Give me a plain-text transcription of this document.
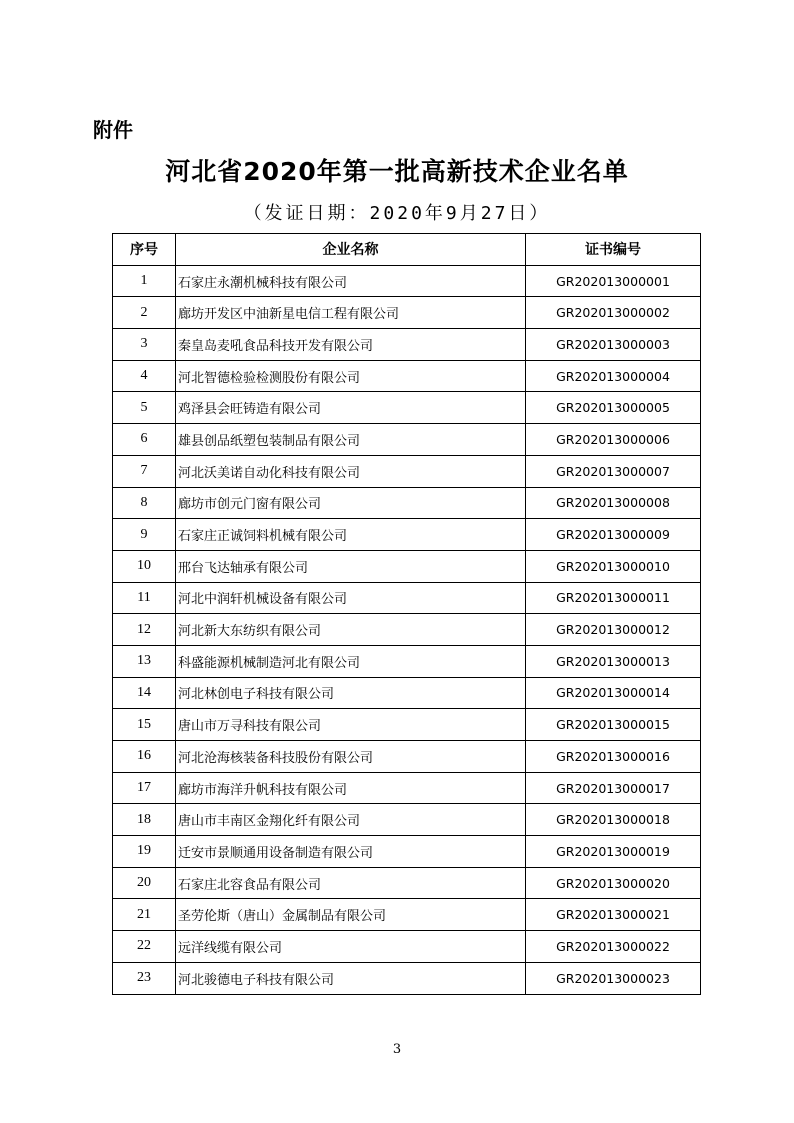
附件
河北省2020年第一批高新技术企业名单
（发证日期：2020年9月27日）
序号	企业名称	证书编号
1	石家庄永潮机械科技有限公司	GR202013000001
2	廊坊开发区中油新星电信工程有限公司	GR202013000002
3	秦皇岛麦吼食品科技开发有限公司	GR202013000003
4	河北智德检验检测股份有限公司	GR202013000004
5	鸡泽县会旺铸造有限公司	GR202013000005
6	雄县创品纸塑包装制品有限公司	GR202013000006
7	河北沃美诺自动化科技有限公司	GR202013000007
8	廊坊市创元门窗有限公司	GR202013000008
9	石家庄正诚饲料机械有限公司	GR202013000009
10	邢台飞达轴承有限公司	GR202013000010
11	河北中润轩机械设备有限公司	GR202013000011
12	河北新大东纺织有限公司	GR202013000012
13	科盛能源机械制造河北有限公司	GR202013000013
14	河北林创电子科技有限公司	GR202013000014
15	唐山市万寻科技有限公司	GR202013000015
16	河北沧海核装备科技股份有限公司	GR202013000016
17	廊坊市海洋升帆科技有限公司	GR202013000017
18	唐山市丰南区金翔化纤有限公司	GR202013000018
19	迁安市景顺通用设备制造有限公司	GR202013000019
20	石家庄北容食品有限公司	GR202013000020
21	圣劳伦斯（唐山）金属制品有限公司	GR202013000021
22	远洋线缆有限公司	GR202013000022
23	河北骏德电子科技有限公司	GR202013000023
3
